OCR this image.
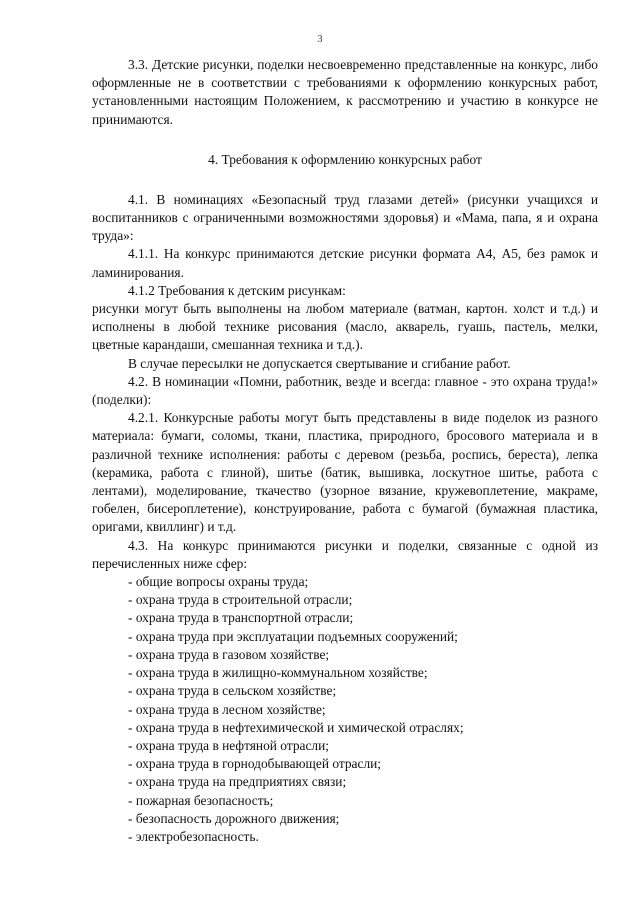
3

3.3. Детские рисунки, поделки несвоевременно представленные на конкурс, либо оформленные не в соответствии с требованиями к оформлению конкурсных работ, установленными настоящим Положением, к рассмотрению и участию в конкурсе не принимаются.

4. Требования к оформлению конкурсных работ

4.1. В номинациях «Безопасный труд глазами детей» (рисунки учащихся и воспитанников с ограниченными возможностями здоровья) и «Мама, папа, я и охрана труда»:

4.1.1. На конкурс принимаются детские рисунки формата А4, А5, без рамок и ламинирования.

4.1.2 Требования к детским рисункам:

рисунки могут быть выполнены на любом материале (ватман, картон. холст и т.д.) и исполнены в любой технике рисования (масло, акварель, гуашь, пастель, мелки, цветные карандаши, смешанная техника и т.д.).

В случае пересылки не допускается свертывание и сгибание работ.

4.2. В номинации «Помни, работник, везде и всегда: главное - это охрана труда!» (поделки):

4.2.1. Конкурсные работы могут быть представлены в виде поделок из разного материала: бумаги, соломы, ткани, пластика, природного, бросового материала и в различной технике исполнения: работы с деревом (резьба, роспись, береста), лепка (керамика, работа с глиной), шитье (батик, вышивка, лоскутное шитье, работа с лентами), моделирование, ткачество (узорное вязание, кружевоплетение, макраме, гобелен, бисероплетение), конструирование, работа с бумагой (бумажная пластика, оригами, квиллинг) и т.д.

4.3. На конкурс принимаются рисунки и поделки, связанные с одной из перечисленных ниже сфер:

- общие вопросы охраны труда;
- охрана труда в строительной отрасли;
- охрана труда в транспортной отрасли;
- охрана труда при эксплуатации подъемных сооружений;
- охрана труда в газовом хозяйстве;
- охрана труда в жилищно-коммунальном хозяйстве;
- охрана труда в сельском хозяйстве;
- охрана труда в лесном хозяйстве;
- охрана труда в нефтехимической и химической отраслях;
- охрана труда в нефтяной отрасли;
- охрана труда в горнодобывающей отрасли;
- охрана труда на предприятиях связи;
- пожарная безопасность;
- безопасность дорожного движения;
- электробезопасность.
